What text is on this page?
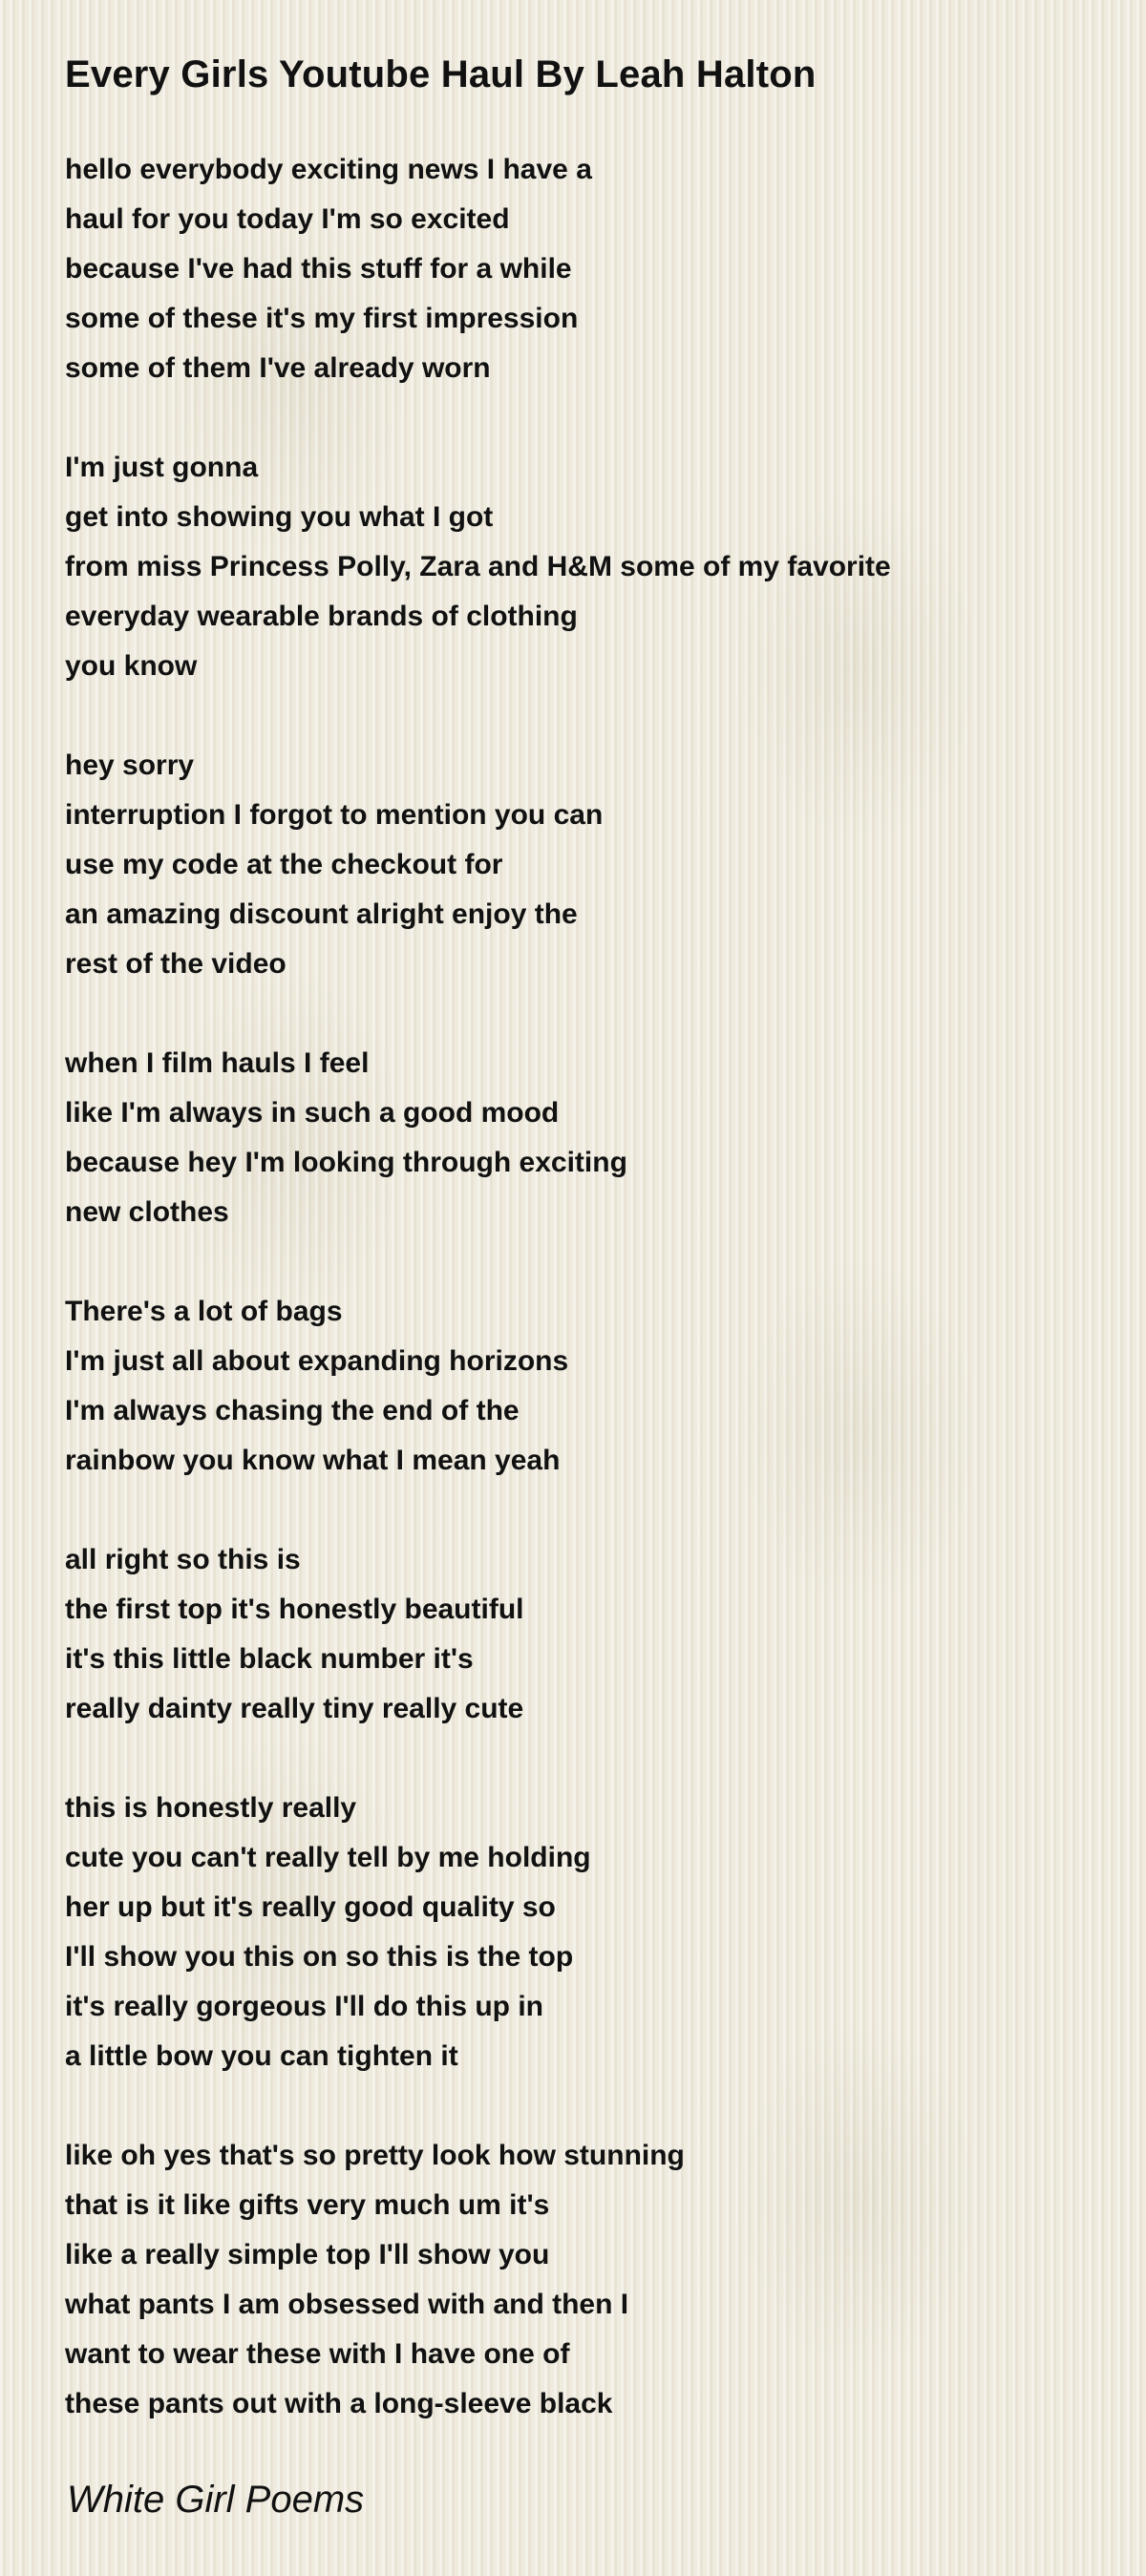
Every Girls Youtube Haul By Leah Halton

hello everybody exciting news I have a
haul for you today I'm so excited
because I've had this stuff for a while
some of these it's my first impression
some of them I've already worn

I'm just gonna
get into showing you what I got
from miss Princess Polly, Zara and H&M some of my favorite
everyday wearable brands of clothing
you know

hey sorry
interruption I forgot to mention you can
use my code at the checkout for
an amazing discount alright enjoy the
rest of the video

when I film hauls I feel
like I'm always in such a good mood
because hey I'm looking through exciting
new clothes

There's a lot of bags
I'm just all about expanding horizons
I'm always chasing the end of the
rainbow you know what I mean yeah

all right so this is
the first top it's honestly beautiful
it's this little black number it's
really dainty really tiny really cute

this is honestly really
cute you can't really tell by me holding
her up but it's really good quality so
I'll show you this on so this is the top
it's really gorgeous I'll do this up in
a little bow you can tighten it

like oh yes that's so pretty look how stunning
that is it like gifts very much um it's
like a really simple top I'll show you
what pants I am obsessed with and then I
want to wear these with I have one of
these pants out with a long-sleeve black

White Girl Poems
